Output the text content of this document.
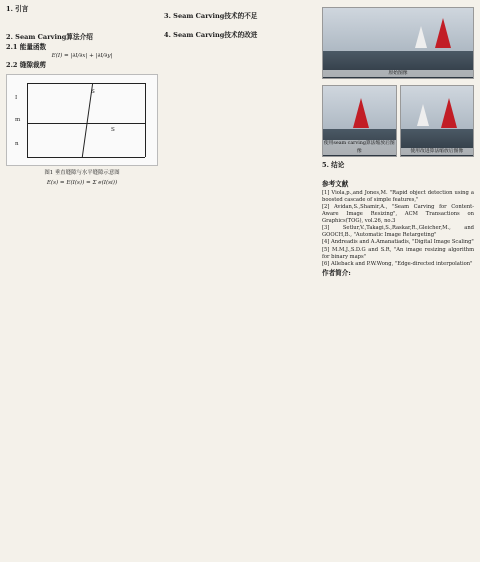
1. 引言

2. Seam Carving算法介绍
2.1 能量函数
E(I) = |∂I/∂x| + |∂I/∂y|
2.2 缝隙裁剪
I
m
n
S
S
图1 垂直缝隙与水平缝隙示意图
E(s) = E(I(s)) = Σ e(I(si))

3. Seam Carving技术的不足

4. Seam Carving技术的改进

原始图像
使用seam carving算法缩放后图像	使用改进算法缩放后图像
5. 结论

参考文献

[1] Viola,p.,and Jones,M. "Rapid object detection using a boosted cascade of simple features,"

[2] Avidan,S.,Shamir,A., "Seam Carving for Content-Aware Image Resizing", ACM Transactions on Graphics(TOG), vol.26, no.3

[3] Setlur,V.,Takagi,S.,Raskar,R.,Gleicher,M., and GOOCH,B., "Automatic Image Retargeting"

[4] Andreadis and A.Amanatiadis, "Digital Image Scaling"

[5] M.M.J.,S.D.G and S.R, "An image resizing algorithm for binary maps"

[6] Alleback and P.W.Wong, "Edge-directed interpolation"

作者简介:
